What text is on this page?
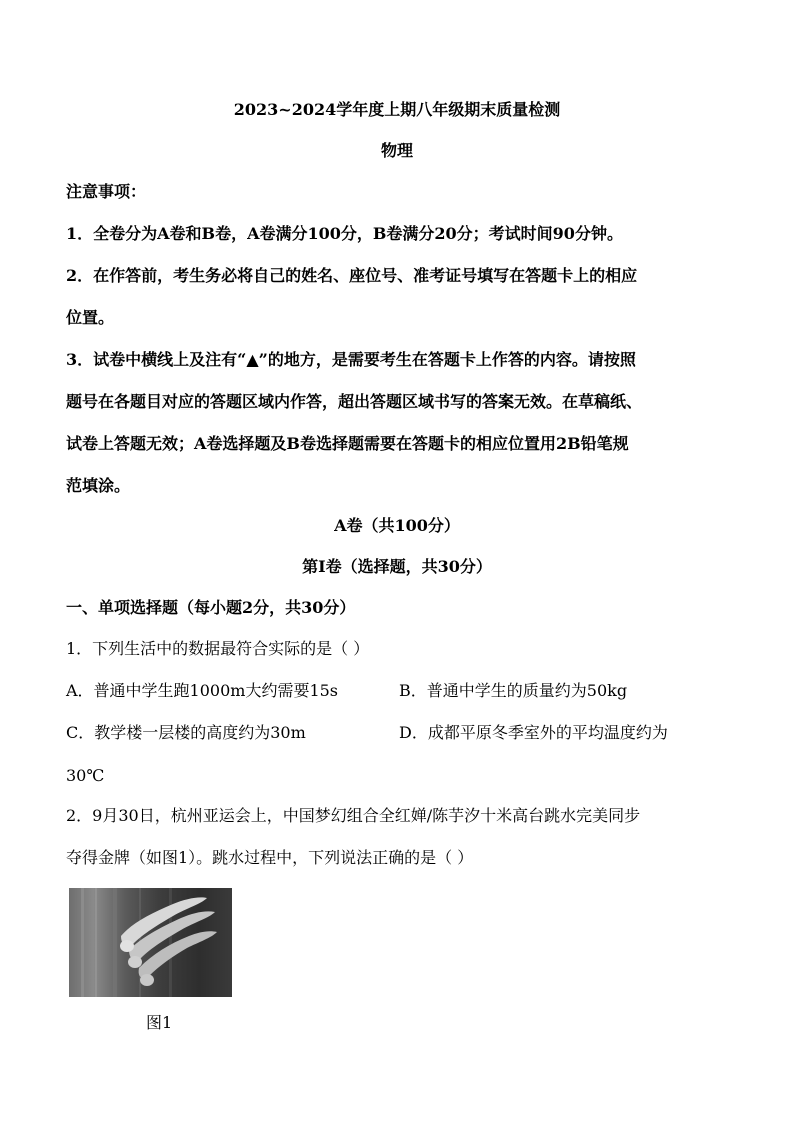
2023~2024学年度上期八年级期末质量检测
物理
注意事项：
1．全卷分为A卷和B卷，A卷满分100分，B卷满分20分；考试时间90分钟。
2．在作答前，考生务必将自己的姓名、座位号、准考证号填写在答题卡上的相应
位置。
3．试卷中横线上及注有“▲”的地方，是需要考生在答题卡上作答的内容。请按照
题号在各题目对应的答题区域内作答，超出答题区域书写的答案无效。在草稿纸、
试卷上答题无效；A卷选择题及B卷选择题需要在答题卡的相应位置用2B铅笔规
范填涂。
A卷（共100分）
第I卷（选择题，共30分）
一、单项选择题（每小题2分，共30分）
1．下列生活中的数据最符合实际的是（ ）
A．普通中学生跑1000m大约需要15s	B．普通中学生的质量约为50kg
C．教学楼一层楼的高度约为30m	D．成都平原冬季室外的平均温度约为
30℃
2．9月30日，杭州亚运会上，中国梦幻组合全红婵/陈芋汐十米高台跳水完美同步
夺得金牌（如图1）。跳水过程中，下列说法正确的是（ ）
图1
